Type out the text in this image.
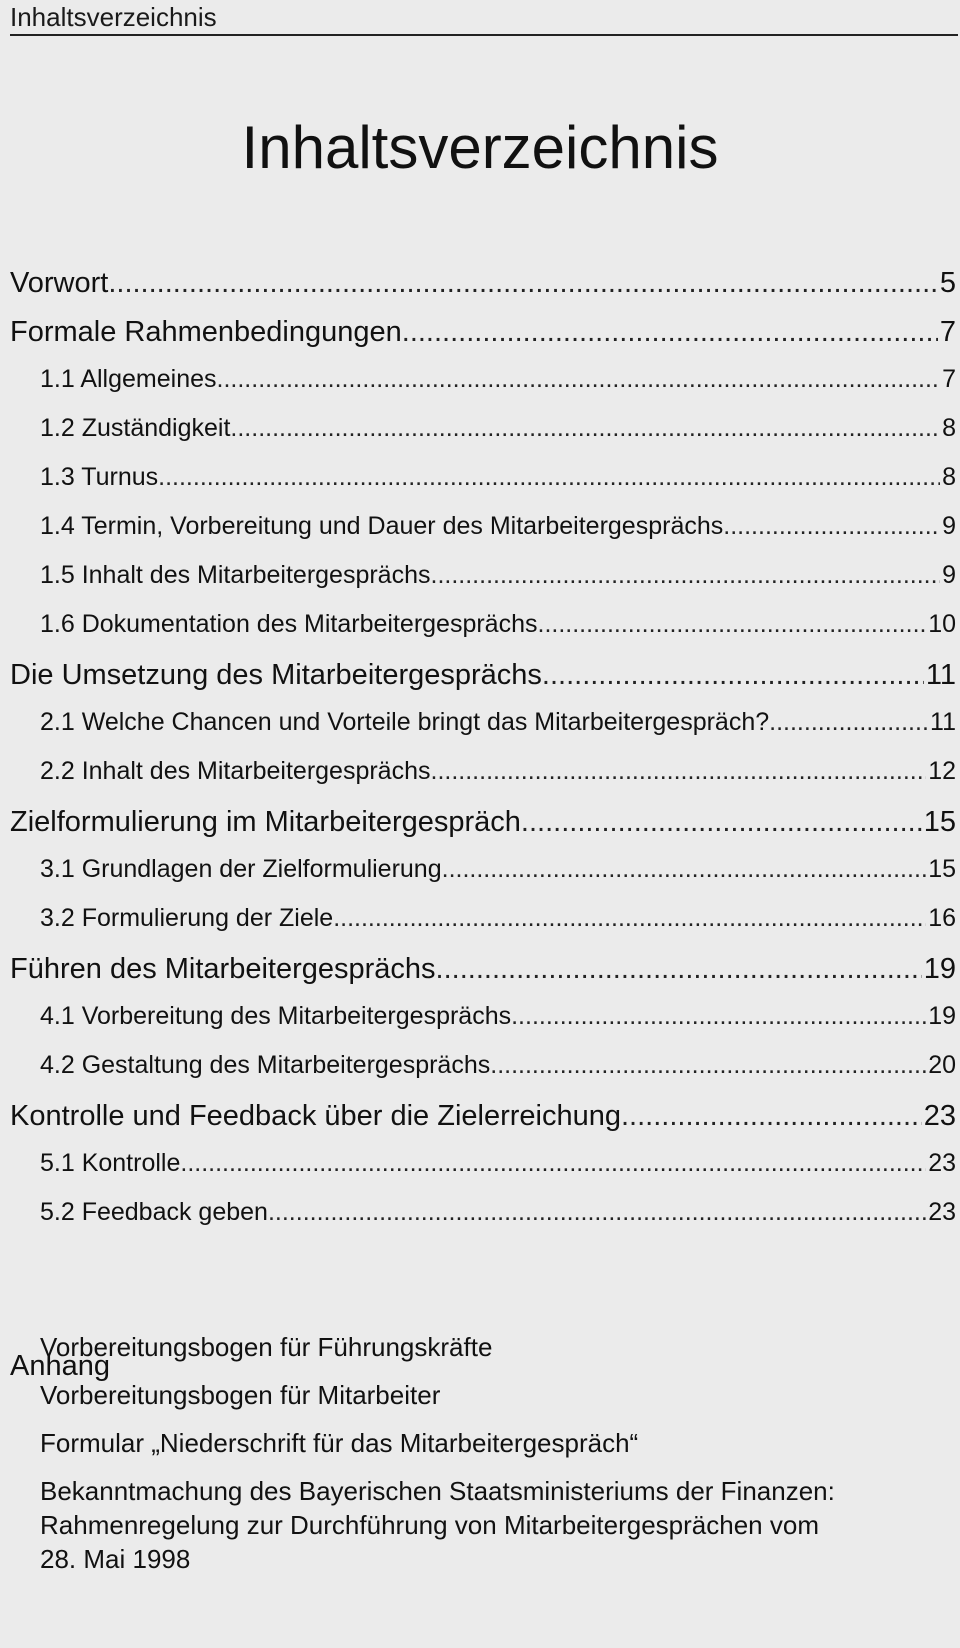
Inhaltsverzeichnis
Inhaltsverzeichnis
Vorwort .....	5
Formale Rahmenbedingungen .....	7
1.1 Allgemeines .....	7
1.2 Zuständigkeit .....	8
1.3 Turnus .....	8
1.4 Termin, Vorbereitung und Dauer des Mitarbeitergesprächs .....	9
1.5 Inhalt des Mitarbeitergesprächs .....	9
1.6 Dokumentation des Mitarbeitergesprächs .....	10
Die Umsetzung des Mitarbeitergesprächs .....	11
2.1 Welche Chancen und Vorteile bringt das Mitarbeitergespräch? .....	11
2.2 Inhalt des Mitarbeitergesprächs .....	12
Zielformulierung im Mitarbeitergespräch .....	15
3.1 Grundlagen der Zielformulierung .....	15
3.2 Formulierung der Ziele .....	16
Führen des Mitarbeitergesprächs .....	19
4.1 Vorbereitung des Mitarbeitergesprächs .....	19
4.2 Gestaltung des Mitarbeitergesprächs .....	20
Kontrolle und Feedback über die Zielerreichung .....	23
5.1 Kontrolle .....	23
5.2 Feedback geben .....	23
Anhang
Vorbereitungsbogen für Führungskräfte
Vorbereitungsbogen für Mitarbeiter
Formular „Niederschrift für das Mitarbeitergespräch“
Bekanntmachung des Bayerischen Staatsministeriums der Finanzen:
Rahmenregelung zur Durchführung von Mitarbeitergesprächen vom
28. Mai 1998
